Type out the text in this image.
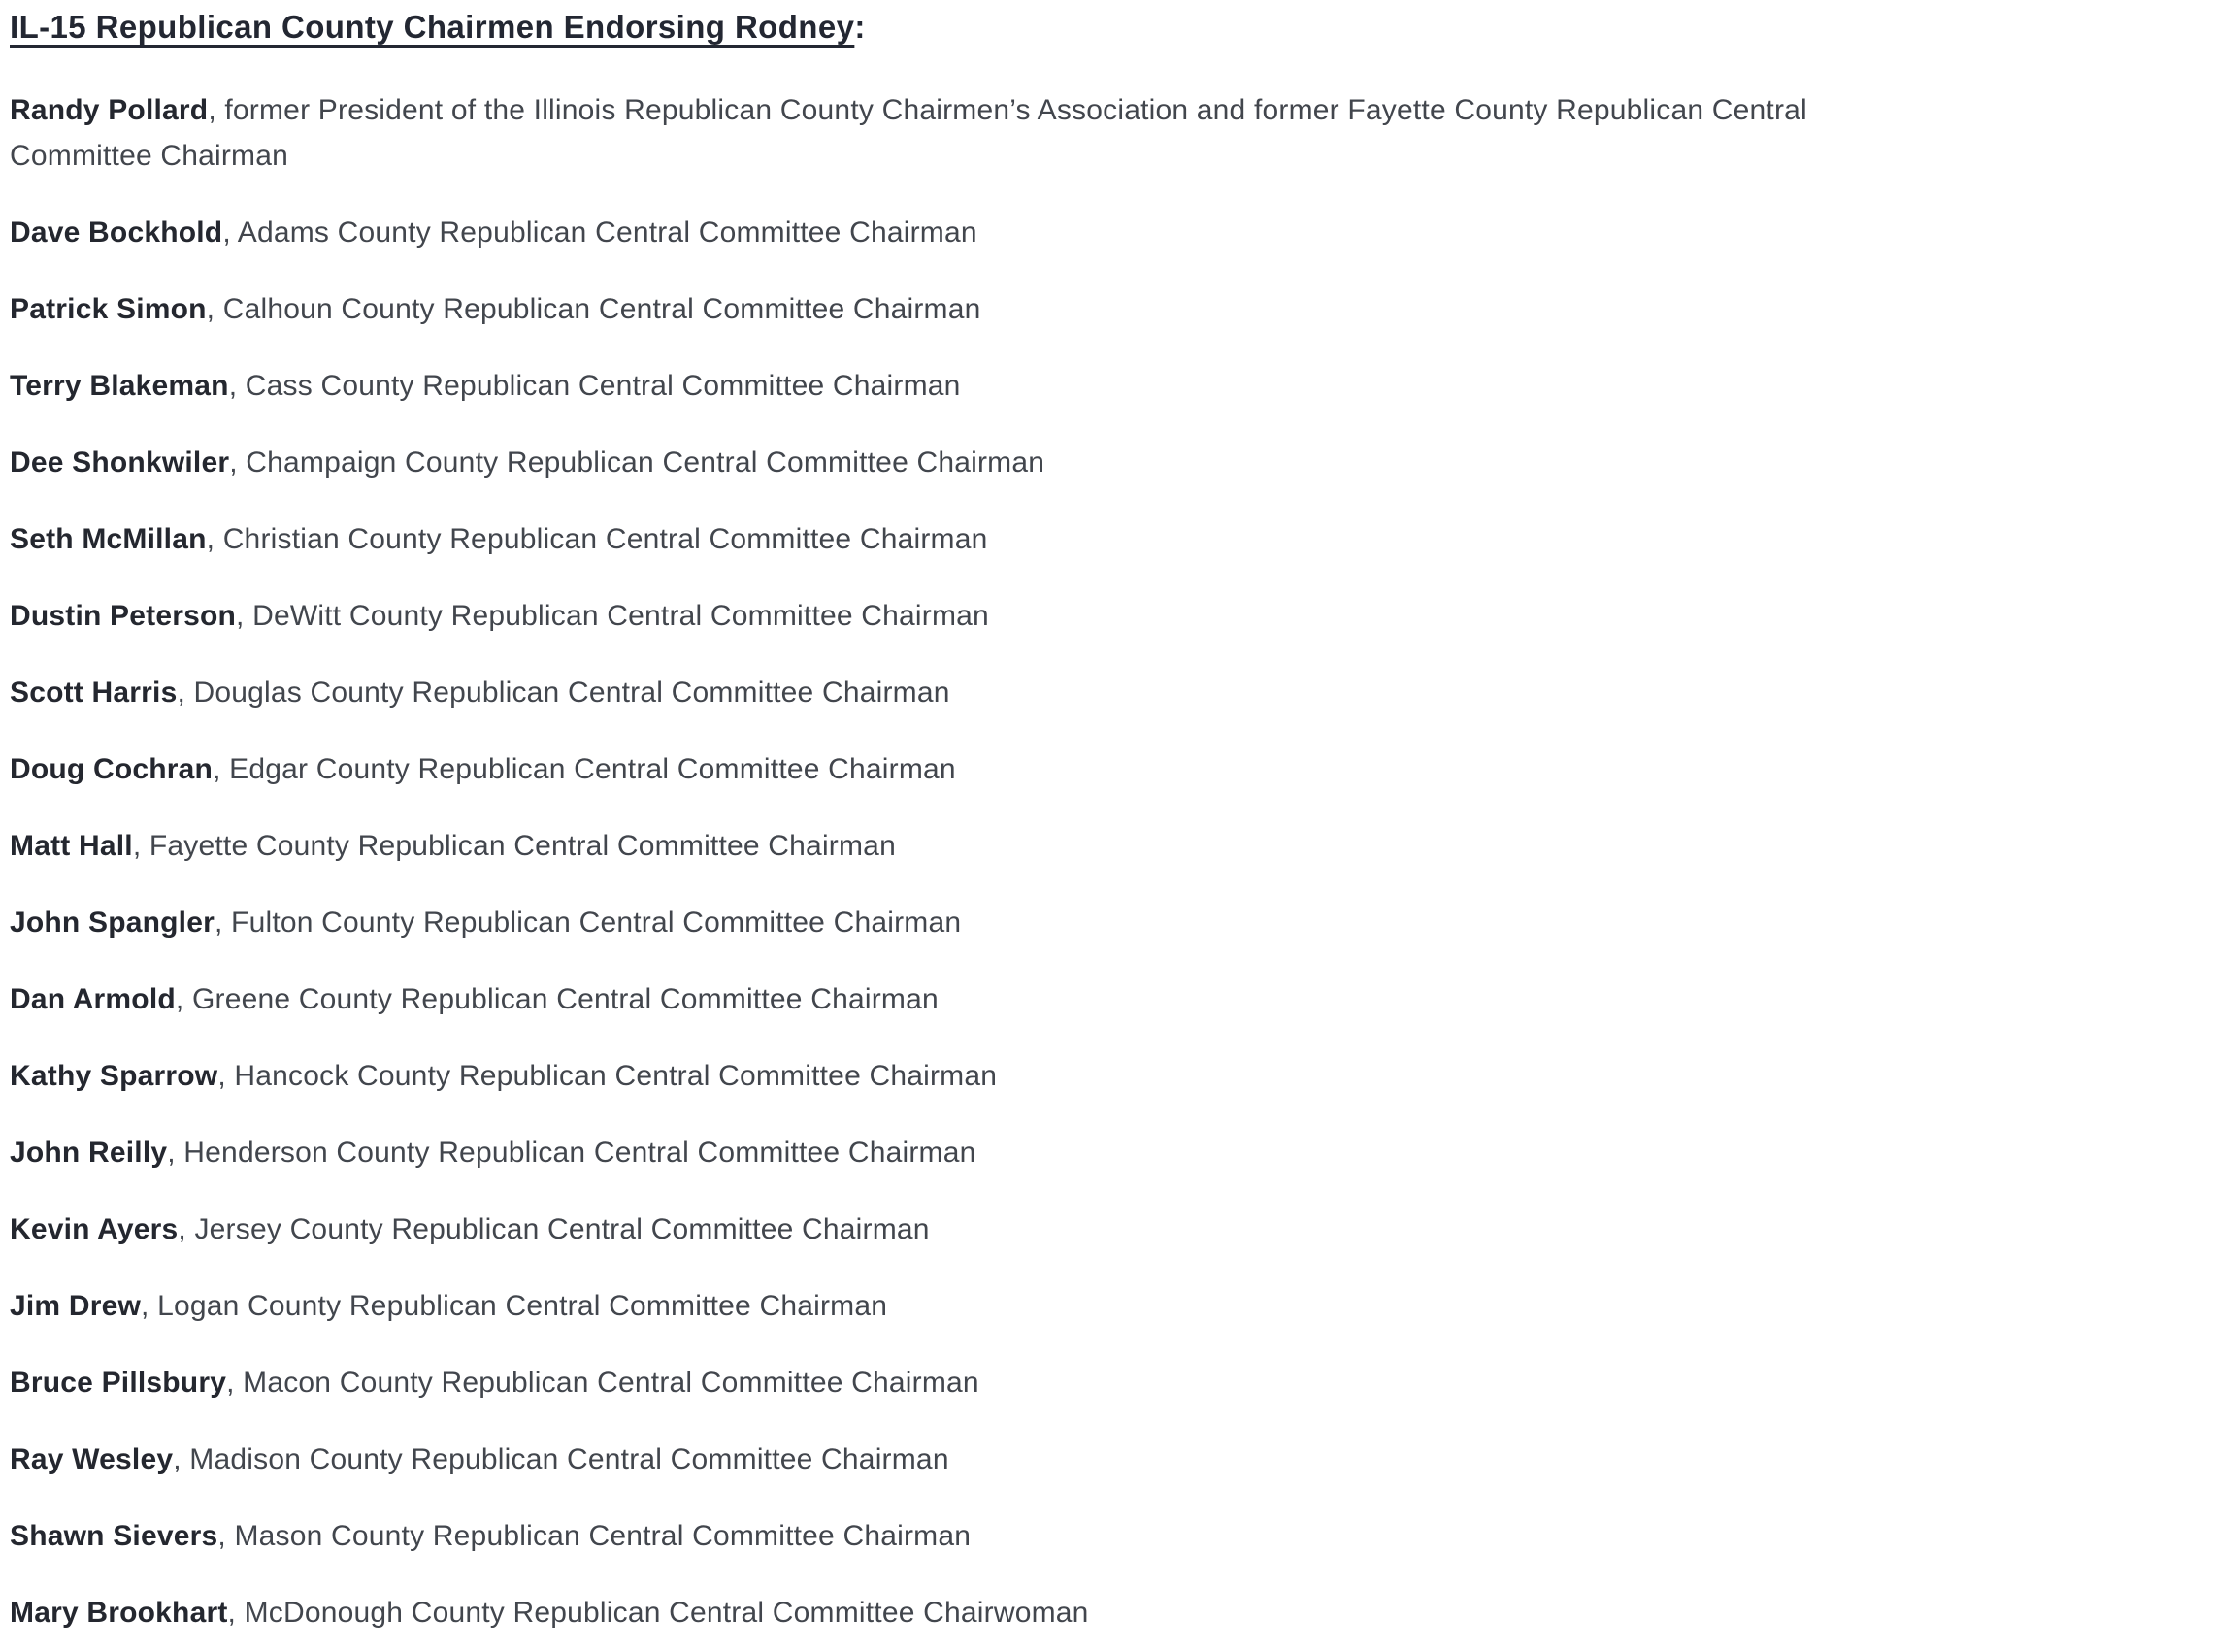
IL-15 Republican County Chairmen Endorsing Rodney:

Randy Pollard, former President of the Illinois Republican County Chairmen’s Association and former Fayette County Republican Central
Committee Chairman

Dave Bockhold, Adams County Republican Central Committee Chairman

Patrick Simon, Calhoun County Republican Central Committee Chairman

Terry Blakeman, Cass County Republican Central Committee Chairman

Dee Shonkwiler, Champaign County Republican Central Committee Chairman

Seth McMillan, Christian County Republican Central Committee Chairman

Dustin Peterson, DeWitt County Republican Central Committee Chairman

Scott Harris, Douglas County Republican Central Committee Chairman

Doug Cochran, Edgar County Republican Central Committee Chairman

Matt Hall, Fayette County Republican Central Committee Chairman

John Spangler, Fulton County Republican Central Committee Chairman

Dan Armold, Greene County Republican Central Committee Chairman

Kathy Sparrow, Hancock County Republican Central Committee Chairman

John Reilly, Henderson County Republican Central Committee Chairman

Kevin Ayers, Jersey County Republican Central Committee Chairman

Jim Drew, Logan County Republican Central Committee Chairman

Bruce Pillsbury, Macon County Republican Central Committee Chairman

Ray Wesley, Madison County Republican Central Committee Chairman

Shawn Sievers, Mason County Republican Central Committee Chairman

Mary Brookhart, McDonough County Republican Central Committee Chairwoman
